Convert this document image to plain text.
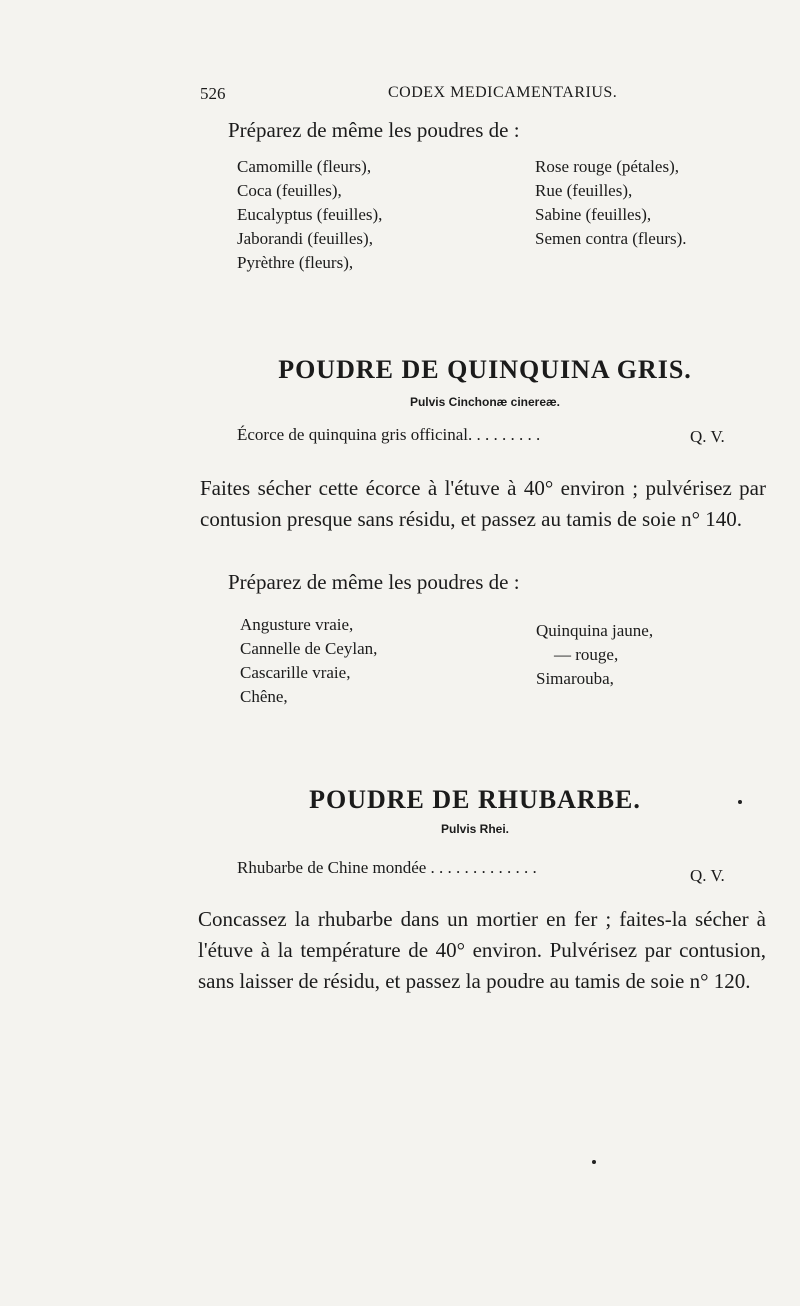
526	CODEX MEDICAMENTARIUS.
Préparez de même les poudres de :
Camomille (fleurs),
Coca (feuilles),
Eucalyptus (feuilles),
Jaborandi (feuilles),
Pyrèthre (fleurs),
Rose rouge (pétales),
Rue (feuilles),
Sabine (feuilles),
Semen contra (fleurs).
POUDRE DE QUINQUINA GRIS.
Pulvis Cinchonæ cinereæ.
Écorce de quinquina gris officinal. . . . . . . . .	Q. V.
Faites sécher cette écorce à l'étuve à 40° environ ; pulvérisez par contusion presque sans résidu, et passez au tamis de soie n° 140.
Préparez de même les poudres de :
Angusture vraie,
Cannelle de Ceylan,
Cascarille vraie,
Chêne,
Quinquina jaune,
— rouge,
Simarouba,
POUDRE DE RHUBARBE.
Pulvis Rhei.
Rhubarbe de Chine mondée . . . . . . . . . . . . .	Q. V.
Concassez la rhubarbe dans un mortier en fer ; faites-la sécher à l'étuve à la température de 40° environ. Pulvérisez par contusion, sans laisser de résidu, et passez la poudre au tamis de soie n° 120.
